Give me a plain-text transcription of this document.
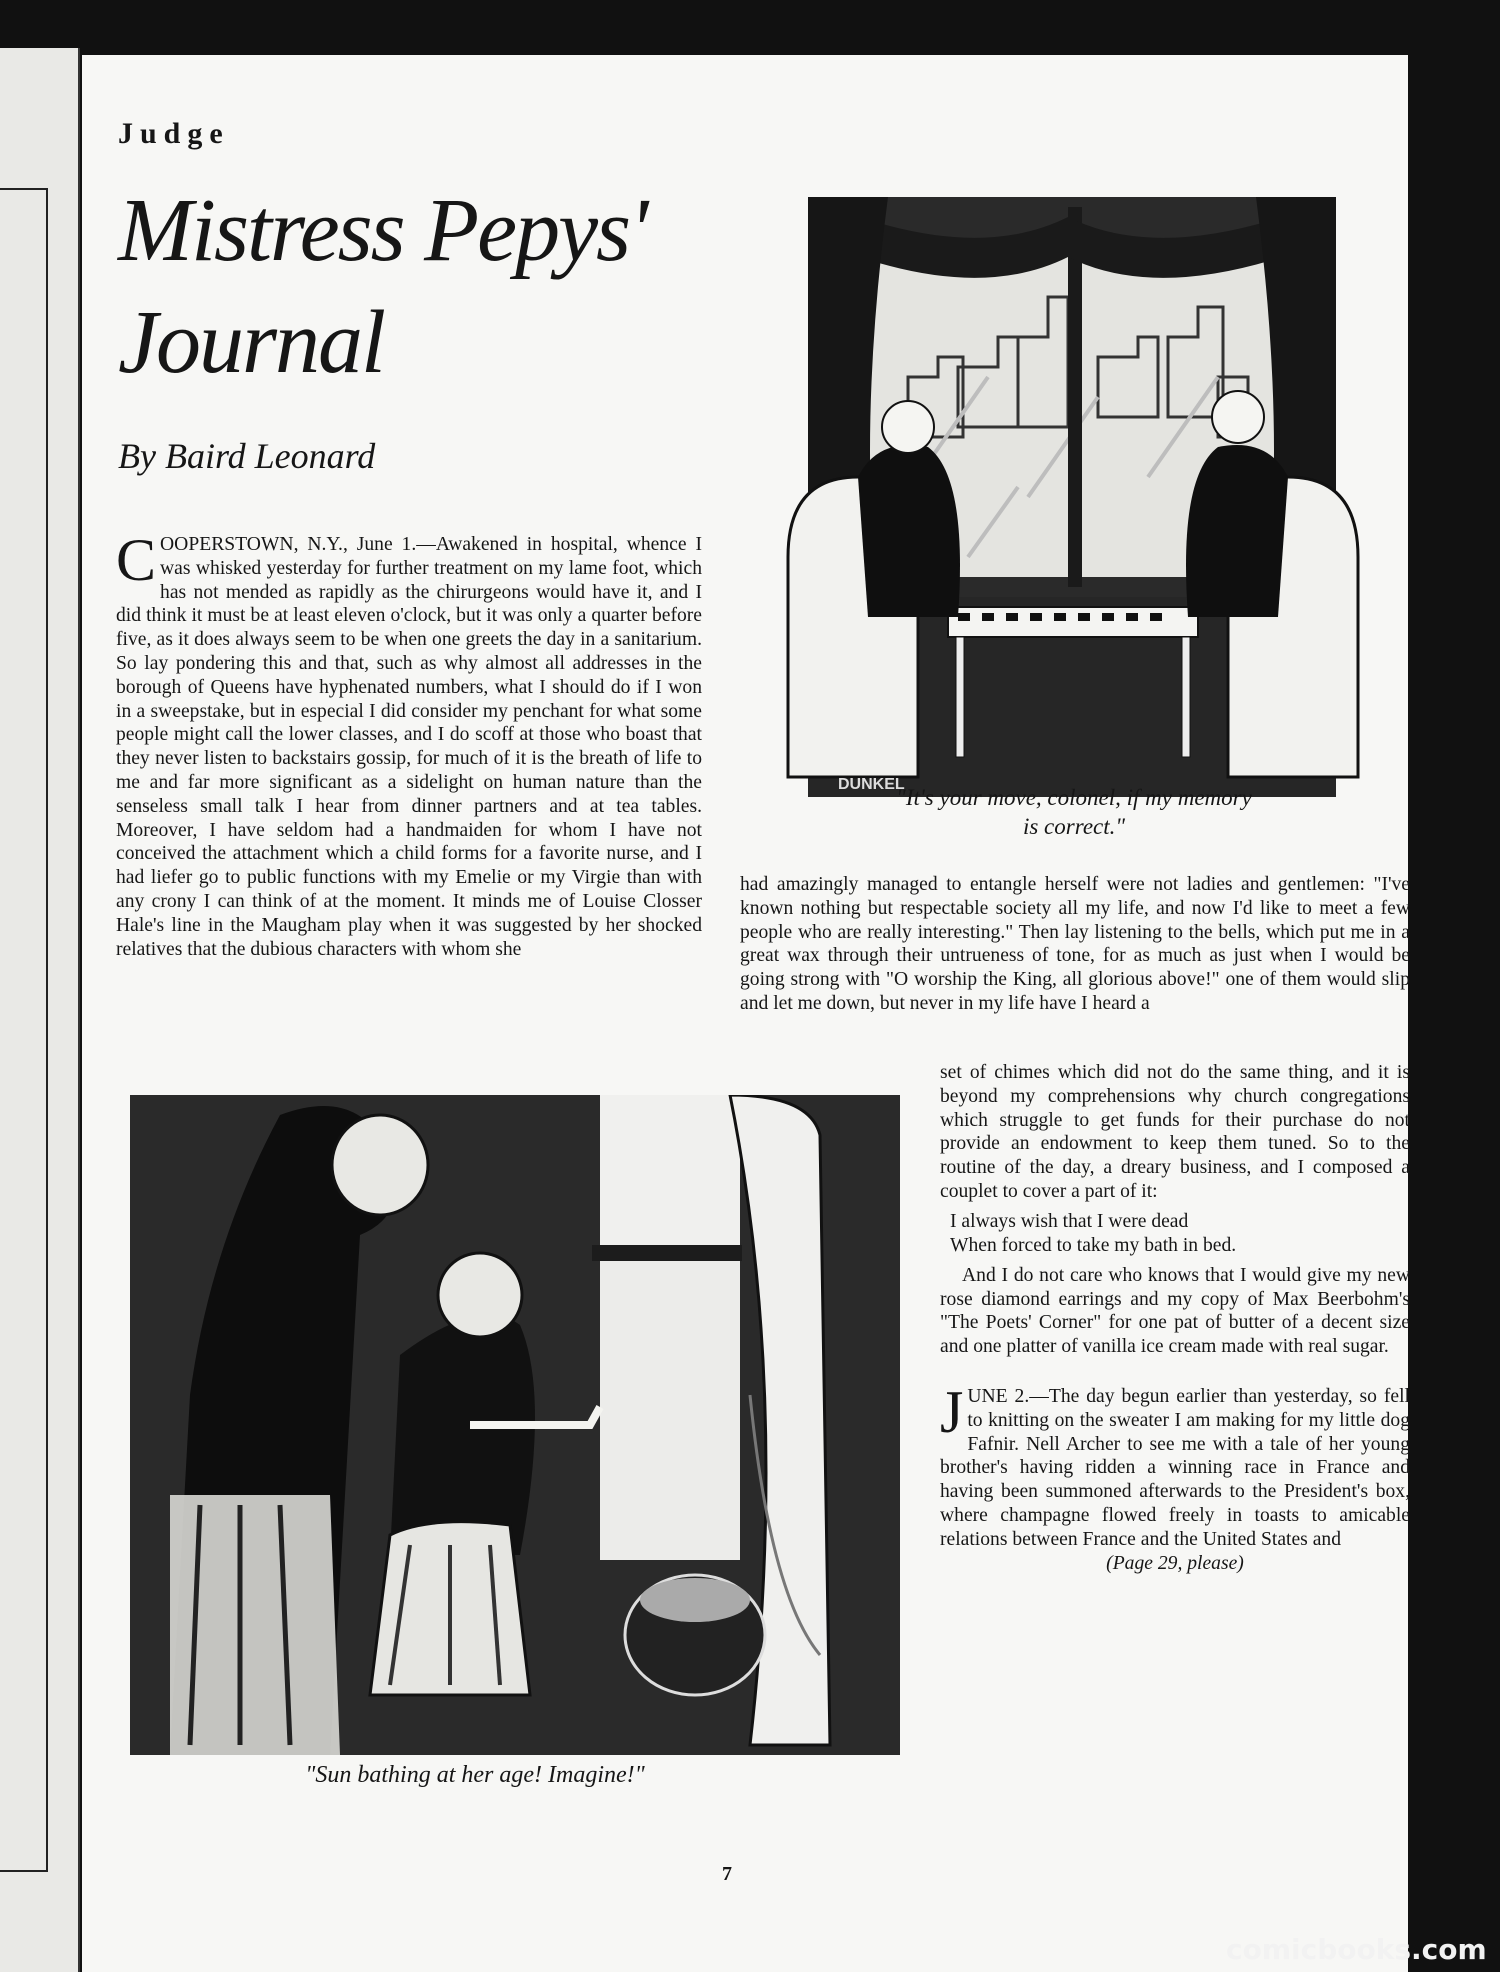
Judge
Mistress Pepys'
Journal
By Baird Leonard

COOPERSTOWN, N.Y., June 1.—Awakened in hospital, whence I was whisked yesterday for further treatment on my lame foot, which has not mended as rapidly as the chirurgeons would have it, and I did think it must be at least eleven o'clock, but it was only a quarter before five, as it does always seem to be when one greets the day in a sanitarium. So lay pondering this and that, such as why almost all addresses in the borough of Queens have hyphenated numbers, what I should do if I won in a sweepstake, but in especial I did consider my penchant for what some people might call the lower classes, and I do scoff at those who boast that they never listen to backstairs gossip, for much of it is the breath of life to me and far more significant as a sidelight on human nature than the senseless small talk I hear from dinner partners and at tea tables. Moreover, I have seldom had a handmaiden for whom I have not conceived the attachment which a child forms for a favorite nurse, and I had liefer go to public functions with my Emelie or my Virgie than with any crony I can think of at the moment. It minds me of Louise Closser Hale's line in the Maugham play when it was suggested by her shocked relatives that the dubious characters with whom she

DUNKEL
"It's your move, colonel, if my memory
is correct."

had amazingly managed to entangle herself were not ladies and gentlemen: "I've known nothing but respectable society all my life, and now I'd like to meet a few people who are really interesting." Then lay listening to the bells, which put me in a great wax through their untrueness of tone, for as much as just when I would be going strong with "O worship the King, all glorious above!" one of them would slip and let me down, but never in my life have I heard a

"Sun bathing at her age! Imagine!"

set of chimes which did not do the same thing, and it is beyond my comprehensions why church congregations which struggle to get funds for their purchase do not provide an endowment to keep them tuned. So to the routine of the day, a dreary business, and I composed a couplet to cover a part of it:

I always wish that I were dead
When forced to take my bath in bed.

And I do not care who knows that I would give my new rose diamond earrings and my copy of Max Beerbohm's "The Poets' Corner" for one pat of butter of a decent size and one platter of vanilla ice cream made with real sugar.

JUNE 2.—The day begun earlier than yesterday, so fell to knitting on the sweater I am making for my little dog Fafnir. Nell Archer to see me with a tale of her young brother's having ridden a winning race in France and having been summoned afterwards to the President's box, where champagne flowed freely in toasts to amicable relations between France and the United States and

(Page 29, please)
7
comicbooks.com
